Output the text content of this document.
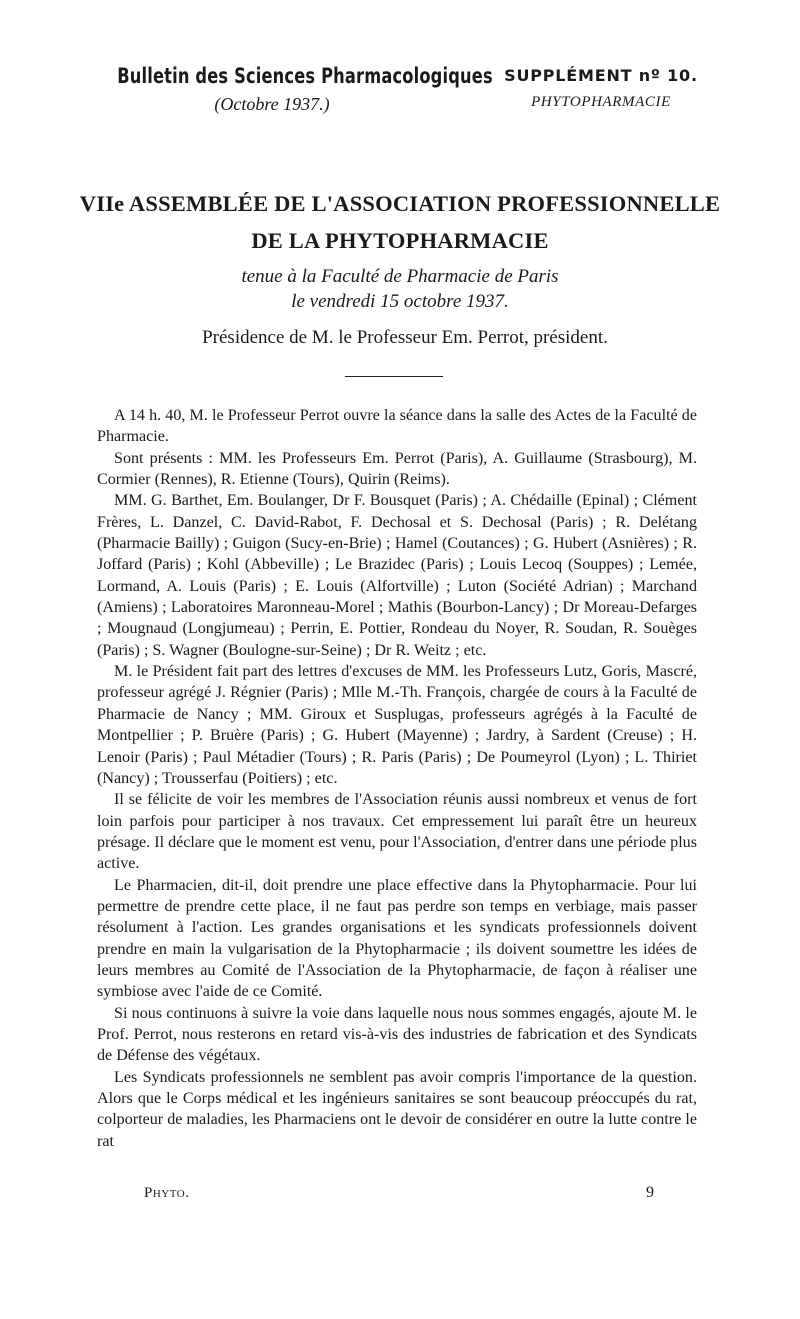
Bulletin des Sciences Pharmacologiques
(Octobre 1937.)
SUPPLÉMENT nº 10.
PHYTOPHARMACIE
VIIe ASSEMBLÉE DE L'ASSOCIATION PROFESSIONNELLE
DE LA PHYTOPHARMACIE
tenue à la Faculté de Pharmacie de Paris
le vendredi 15 octobre 1937.
Présidence de M. le Professeur Em. Perrot, président.

A 14 h. 40, M. le Professeur Perrot ouvre la séance dans la salle des Actes de la Faculté de Pharmacie.

Sont présents : MM. les Professeurs Em. Perrot (Paris), A. Guillaume (Strasbourg), M. Cormier (Rennes), R. Etienne (Tours), Quirin (Reims).

MM. G. Barthet, Em. Boulanger, Dr F. Bousquet (Paris) ; A. Chédaille (Epinal) ; Clément Frères, L. Danzel, C. David-Rabot, F. Dechosal et S. Dechosal (Paris) ; R. Delétang (Pharmacie Bailly) ; Guigon (Sucy-en-Brie) ; Hamel (Coutances) ; G. Hubert (Asnières) ; R. Joffard (Paris) ; Kohl (Abbeville) ; Le Brazidec (Paris) ; Louis Lecoq (Souppes) ; Lemée, Lormand, A. Louis (Paris) ; E. Louis (Alfortville) ; Luton (Société Adrian) ; Marchand (Amiens) ; Laboratoires Maronneau-Morel ; Mathis (Bourbon-Lancy) ; Dr Moreau-Defarges ; Mougnaud (Longjumeau) ; Perrin, E. Pottier, Rondeau du Noyer, R. Soudan, R. Souèges (Paris) ; S. Wagner (Boulogne-sur-Seine) ; Dr R. Weitz ; etc.

M. le Président fait part des lettres d'excuses de MM. les Professeurs Lutz, Goris, Mascré, professeur agrégé J. Régnier (Paris) ; Mlle M.-Th. François, chargée de cours à la Faculté de Pharmacie de Nancy ; MM. Giroux et Susplugas, professeurs agrégés à la Faculté de Montpellier ; P. Bruère (Paris) ; G. Hubert (Mayenne) ; Jardry, à Sardent (Creuse) ; H. Lenoir (Paris) ; Paul Métadier (Tours) ; R. Paris (Paris) ; De Poumeyrol (Lyon) ; L. Thiriet (Nancy) ; Trousserfau (Poitiers) ; etc.

Il se félicite de voir les membres de l'Association réunis aussi nombreux et venus de fort loin parfois pour participer à nos travaux. Cet empressement lui paraît être un heureux présage. Il déclare que le moment est venu, pour l'Association, d'entrer dans une période plus active.

Le Pharmacien, dit-il, doit prendre une place effective dans la Phytopharmacie. Pour lui permettre de prendre cette place, il ne faut pas perdre son temps en verbiage, mais passer résolument à l'action. Les grandes organisations et les syndicats professionnels doivent prendre en main la vulgarisation de la Phytopharmacie ; ils doivent soumettre les idées de leurs membres au Comité de l'Association de la Phytopharmacie, de façon à réaliser une symbiose avec l'aide de ce Comité.

Si nous continuons à suivre la voie dans laquelle nous nous sommes engagés, ajoute M. le Prof. Perrot, nous resterons en retard vis-à-vis des industries de fabrication et des Syndicats de Défense des végétaux.

Les Syndicats professionnels ne semblent pas avoir compris l'importance de la question. Alors que le Corps médical et les ingénieurs sanitaires se sont beaucoup préoccupés du rat, colporteur de maladies, les Pharmaciens ont le devoir de considérer en outre la lutte contre le rat

Phyto.	9
